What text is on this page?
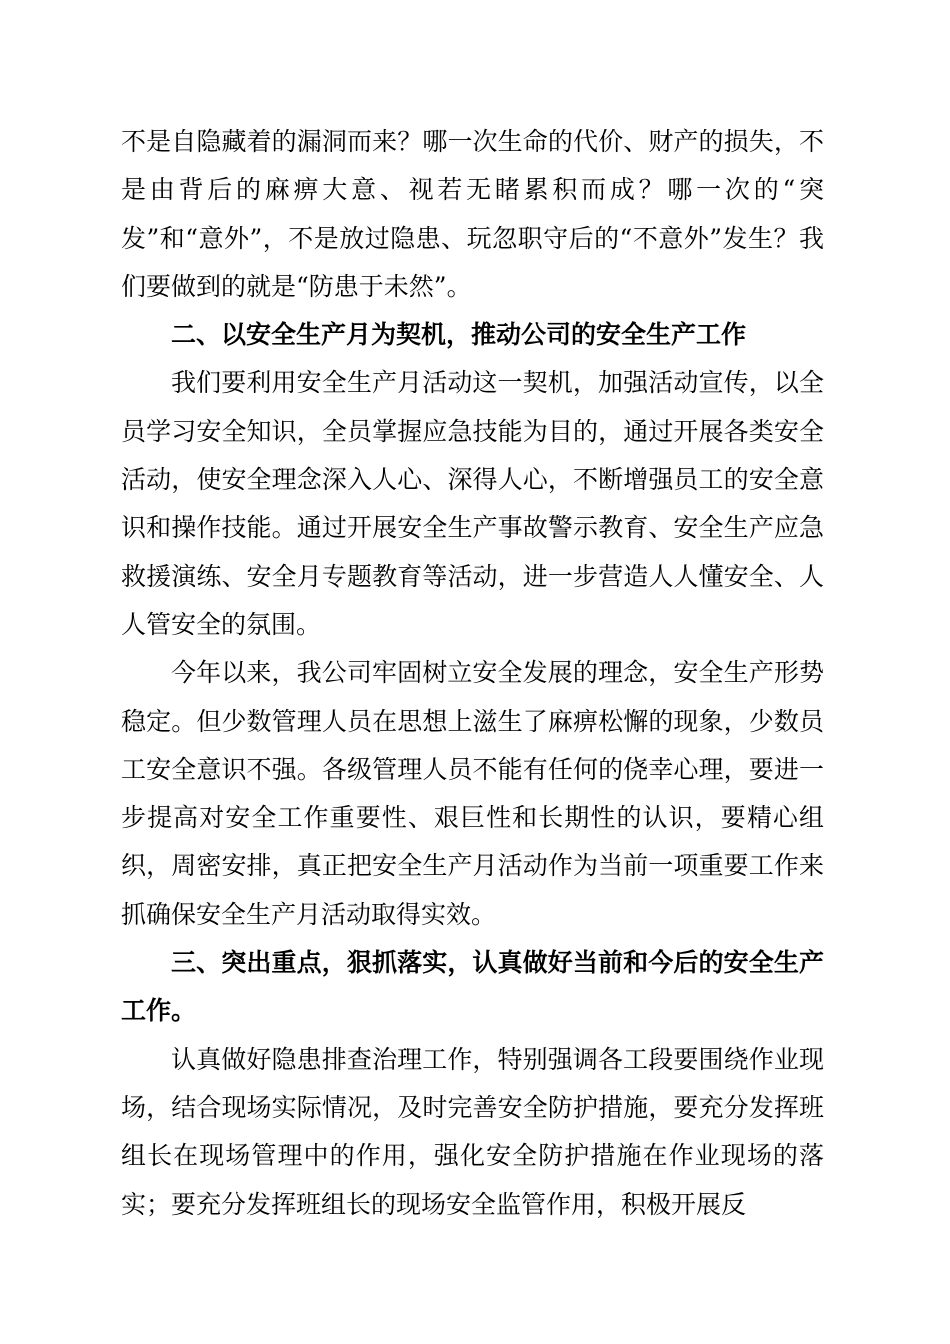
不是自隐藏着的漏洞而来？哪一次生命的代价、财产的损失，不是由背后的麻痹大意、视若无睹累积而成？哪一次的“突发”和“意外”，不是放过隐患、玩忽职守后的“不意外”发生？我们要做到的就是“防患于未然”。

二、以安全生产月为契机，推动公司的安全生产工作

我们要利用安全生产月活动这一契机，加强活动宣传，以全员学习安全知识，全员掌握应急技能为目的，通过开展各类安全活动，使安全理念深入人心、深得人心，不断增强员工的安全意识和操作技能。通过开展安全生产事故警示教育、安全生产应急救援演练、安全月专题教育等活动，进一步营造人人懂安全、人人管安全的氛围。

今年以来，我公司牢固树立安全发展的理念，安全生产形势稳定。但少数管理人员在思想上滋生了麻痹松懈的现象，少数员工安全意识不强。各级管理人员不能有任何的侥幸心理，要进一步提高对安全工作重要性、艰巨性和长期性的认识，要精心组织，周密安排，真正把安全生产月活动作为当前一项重要工作来抓确保安全生产月活动取得实效。

三、突出重点，狠抓落实，认真做好当前和今后的安全生产工作。

认真做好隐患排查治理工作，特别强调各工段要围绕作业现场，结合现场实际情况，及时完善安全防护措施，要充分发挥班组长在现场管理中的作用，强化安全防护措施在作业现场的落实；要充分发挥班组长的现场安全监管作用，积极开展反
